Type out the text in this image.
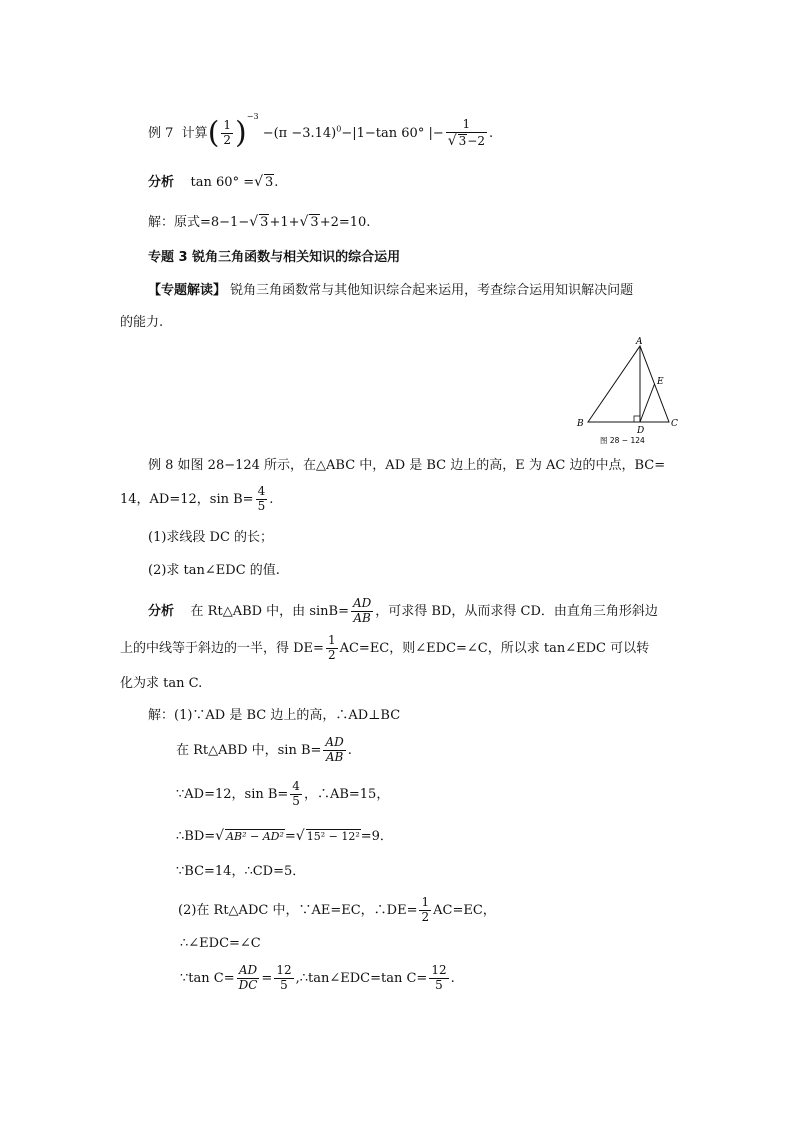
例 7 计算( $\frac{1}{2} )^{-3} -(\pi -3.14)^0-|1-\tan$ 60° |− $\frac{1}{√ 3-2}$ .
分析 tan 60° =√ 3.
解：原式=8−1−√ 3+1+√ 3+2=10.
专题 3 锐角三角函数与相关知识的综合运用
【专题解读】 锐角三角函数常与其他知识综合起来运用，考查综合运用知识解决问题
的能力.
A
B	C
D
E
图 28 − 124
例 8 如图 28−124 所示，在△ABC 中，AD 是 BC 边上的高，E 为 AC 边的中点，BC=
14，AD=12，$\sin B= \frac{4}{5}$ .
(1)求线段 DC 的长；
(2)求 tan∠EDC 的值.
分析 在 Rt△ABD 中，由 $\sin B= \frac{AD}{AB}$ ，可求得 BD，从而求得 CD．由直角三角形斜边
上的中线等于斜边的一半，得 $DE= \frac{1}{2} AC=EC$，则∠EDC=∠C，所以求 tan∠EDC 可以转
化为求 tan C.
解：(1)∵AD 是 BC 边上的高，∴AD⊥BC
在 Rt△ABD 中，$\sin B= \frac{AD}{AB}$ .
∵AD=12，$\sin B= \frac{4}{5}$ ，∴AB=15，
∴BD=√ AB² − AD²=√ 15² − 12²=9．
∵BC=14，∴CD=5．
(2)在 Rt△ADC 中，∵AE=EC，∴DE= $\frac{1}{2} AC=EC$，
∴∠EDC=∠C
∵tan $C= \frac{AD}{DC} = \frac{12}{5}$ ,∴tan∠EDC=tan $C= \frac{12}{5}$ .
